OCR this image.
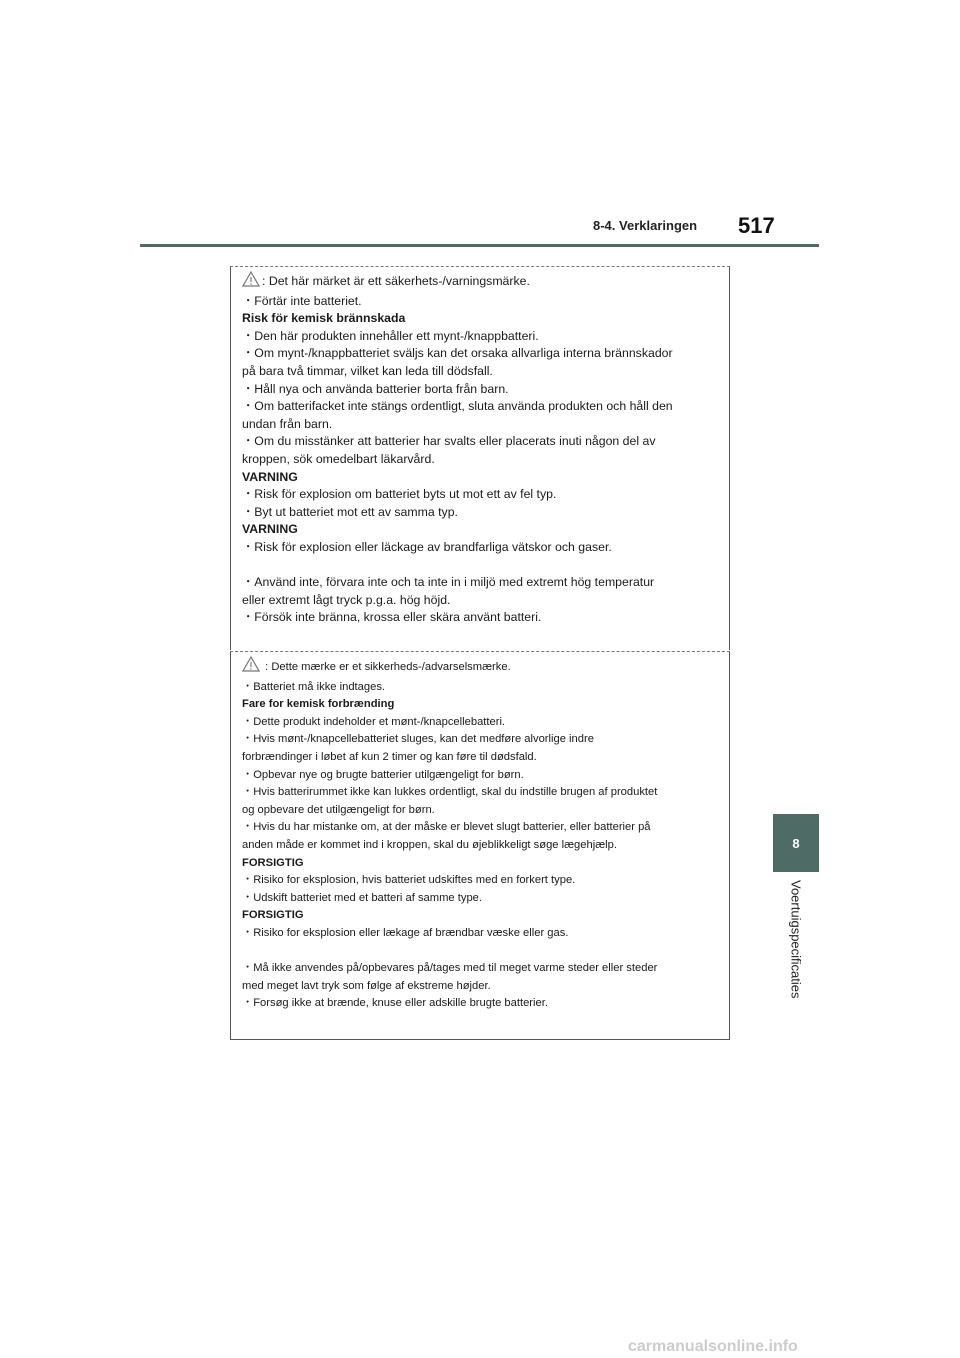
8-4. Verklaringen 517
8
Voertuigspecificaties
: Det här märket är ett säkerhets-/varningsmärke.
・Förtär inte batteriet.
Risk för kemisk brännskada
・Den här produkten innehåller ett mynt-/knappbatteri.
・Om mynt-/knappbatteriet sväljs kan det orsaka allvarliga interna brännskador
på bara två timmar, vilket kan leda till dödsfall.
・Håll nya och använda batterier borta från barn.
・Om batterifacket inte stängs ordentligt, sluta använda produkten och håll den
undan från barn.
・Om du misstänker att batterier har svalts eller placerats inuti någon del av
kroppen, sök omedelbart läkarvård.
VARNING
・Risk för explosion om batteriet byts ut mot ett av fel typ.
・Byt ut batteriet mot ett av samma typ.
VARNING
・Risk för explosion eller läckage av brandfarliga vätskor och gaser.
・Använd inte, förvara inte och ta inte in i miljö med extremt hög temperatur
eller extremt lågt tryck p.g.a. hög höjd.
・Försök inte bränna, krossa eller skära använt batteri.
: Dette mærke er et sikkerheds-/advarselsmærke.
・Batteriet må ikke indtages.
Fare for kemisk forbrænding
・Dette produkt indeholder et mønt-/knapcellebatteri.
・Hvis mønt-/knapcellebatteriet sluges, kan det medføre alvorlige indre
forbrændinger i løbet af kun 2 timer og kan føre til dødsfald.
・Opbevar nye og brugte batterier utilgængeligt for børn.
・Hvis batterirummet ikke kan lukkes ordentligt, skal du indstille brugen af produktet
og opbevare det utilgængeligt for børn.
・Hvis du har mistanke om, at der måske er blevet slugt batterier, eller batterier på
anden måde er kommet ind i kroppen, skal du øjeblikkeligt søge lægehjælp.
FORSIGTIG
・Risiko for eksplosion, hvis batteriet udskiftes med en forkert type.
・Udskift batteriet med et batteri af samme type.
FORSIGTIG
・Risiko for eksplosion eller lækage af brændbar væske eller gas.
・Må ikke anvendes på/opbevares på/tages med til meget varme steder eller steder
med meget lavt tryk som følge af ekstreme højder.
・Forsøg ikke at brænde, knuse eller adskille brugte batterier.
carmanualsonline.info
